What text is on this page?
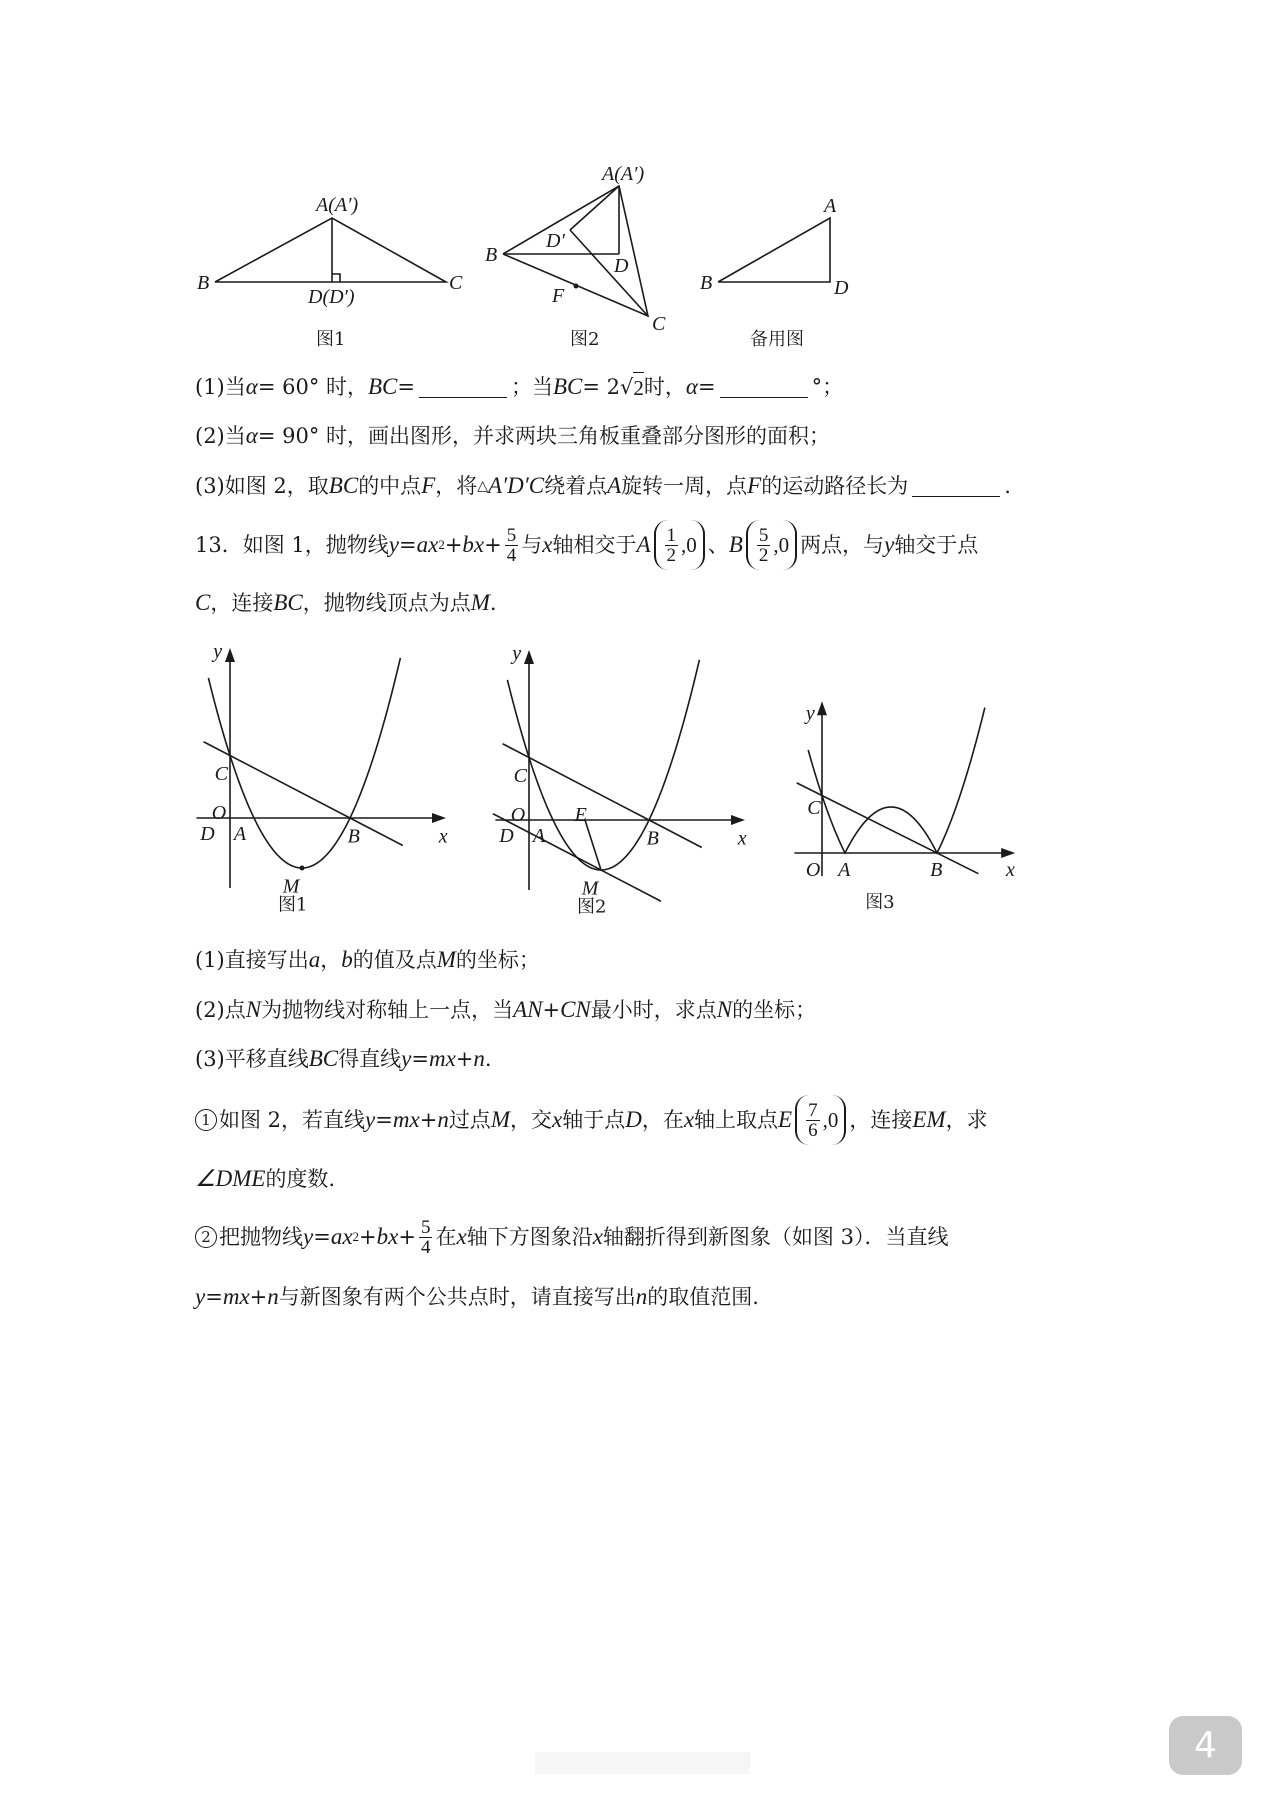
A(A′)
B	C
D(D′)
图1
A(A′)
B
C
D
D′
F
图2
A
B	D
备用图
y
x
O
C
D A	B
M
图1
y
x
O
C
D A	B
M
E
图2
y
x
O
C
A	B
图3
(1)当 α = 60° 时， BC =	；当 BC = 2√ 2 时， α =	°；
(2)当 α = 90° 时，画出图形，并求两块三角板重叠部分图形的面积；
(3)如图 2，取 BC 的中点 F ，将 △ A′D′C 绕着点 A 旋转一周，点 F 的运动路径长为	.
13．如图 1，抛物线 y = ax 2 + bx + $\frac{5}{4}$ 与 x 轴相交于 A $\frac{1}{2}$ , 0 、 B $\frac{5}{2}$ , 0 两点，与 y 轴交于点
C ，连接 BC ，抛物线顶点为点 M .
(1)直接写出 a ， b 的值及点 M 的坐标；
(2)点 N 为抛物线对称轴上一点，当 AN + CN 最小时，求点 N 的坐标；
(3)平移直线 BC 得直线 y = mx + n .
1 如图 2，若直线 y = mx + n 过点 M ，交 x 轴于点 D ，在 x 轴上取点 E $\frac{7}{6}$ , 0 ，连接 EM ，求
∠DME 的度数.
2 把抛物线 y = ax 2 + bx + $\frac{5}{4}$ 在 x 轴下方图象沿 x 轴翻折得到新图象（如图 3）．当直线
y = mx + n 与新图象有两个公共点时，请直接写出 n 的取值范围.
4
